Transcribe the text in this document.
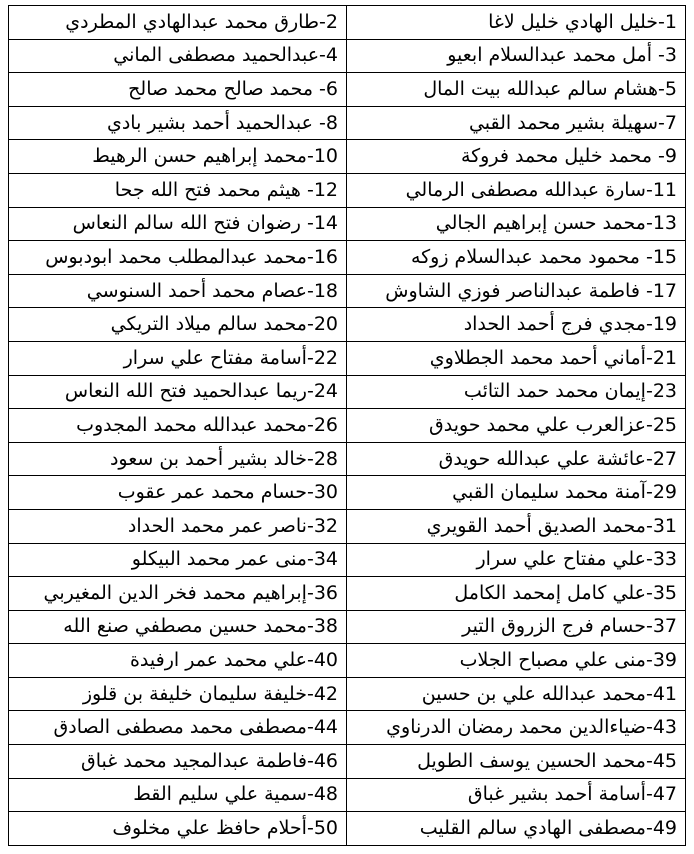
1-خليل الهادي خليل لاغا	2-طارق محمد عبدالهادي المطردي
3- أمل محمد عبدالسلام ابعيو	4-عبدالحميد مصطفى الماني
5-هشام سالم عبدالله بيت المال	6- محمد صالح محمد صالح
7-سهيلة بشير محمد القبي	8- عبدالحميد أحمد بشير بادي
9- محمد خليل محمد فروكة	10-محمد إبراهيم حسن الرهيط
11-سارة عبدالله مصطفى الرمالي	12- هيثم محمد فتح الله جحا
13-محمد حسن إبراهيم الجالي	14- رضوان فتح الله سالم النعاس
15- محمود محمد عبدالسلام زوكه	16-محمد عبدالمطلب محمد ابودبوس
17- فاطمة عبدالناصر فوزي الشاوش	18-عصام محمد أحمد السنوسي
19-مجدي فرج أحمد الحداد	20-محمد سالم ميلاد التريكي
21-أماني أحمد محمد الجطلاوي	22-أسامة مفتاح علي سرار
23-إيمان محمد حمد التائب	24-ريما عبدالحميد فتح الله النعاس
25-عزالعرب علي محمد حويدق	26-محمد عبدالله محمد المجدوب
27-عائشة علي عبدالله حويدق	28-خالد بشير أحمد بن سعود
29-آمنة محمد سليمان القبي	30-حسام محمد عمر عقوب
31-محمد الصديق أحمد القويري	32-ناصر عمر محمد الحداد
33-علي مفتاح علي سرار	34-منى عمر محمد البيكلو
35-علي كامل إمحمد الكامل	36-إبراهيم محمد فخر الدين المغيربي
37-حسام فرج الزروق التير	38-محمد حسين مصطفي صنع الله
39-منى علي مصباح الجلاب	40-علي محمد عمر ارفيدة
41-محمد عبدالله علي بن حسين	42-خليفة سليمان خليفة بن قلوز
43-ضياءالدين محمد رمضان الدرناوي	44-مصطفى محمد مصطفى الصادق
45-محمد الحسين يوسف الطويل	46-فاطمة عبدالمجيد محمد غباق
47-أسامة أحمد بشير غباق	48-سمية علي سليم القط
49-مصطفى الهادي سالم القليب	50-أحلام حافظ علي مخلوف
